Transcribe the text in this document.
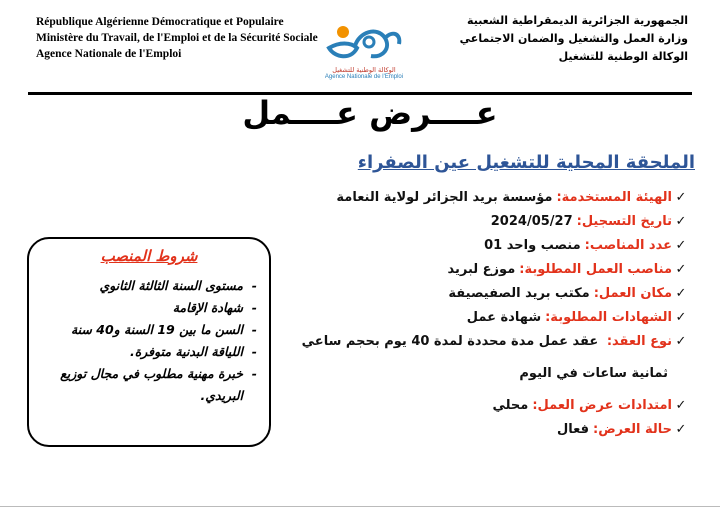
République Algérienne Démocratique et Populaire
Ministère du Travail, de l'Emploi et de la Sécurité Sociale
Agence Nationale de l'Emploi
الوكالة الوطنية للتشغيل
Agence Nationale de l'Emploi
الجمهورية الجزائرية الديمقراطية الشعبية
وزارة العمل والتشغيل والضمان الاجتماعي
الوكالة الوطنية للتشغيل
عــــرض عــــمل
الملحقة المحلية للتشغيل عين الصفراء
✓
الهيئة المستخدمة:
مؤسسة بريد الجزائر لولاية النعامة
✓
تاريخ التسجيل:
2024/05/27
✓
عدد المناصب:
منصب واحد 01
✓
مناصب العمل المطلوبة:
موزع لبريد
✓
مكان العمل:
مكتب بريد الصفيصيفة
✓
الشهادات المطلوبة:
شهادة عمل
✓
نوع العقد: عقد عمل مدة محددة لمدة 40 يوم بحجم ساعي
ثمانية ساعات في اليوم
✓
امتدادات عرض العمل:
محلي
✓
حالة العرض:
فعال
شروط المنصب
-
مستوى السنة الثالثة الثانوي
-
شهادة الإقامة
-
السن ما بين 19 السنة و40 سنة
-
اللياقة البدنية متوفرة.
-
خبرة مهنية مطلوب في مجال توزيع البريدي.
